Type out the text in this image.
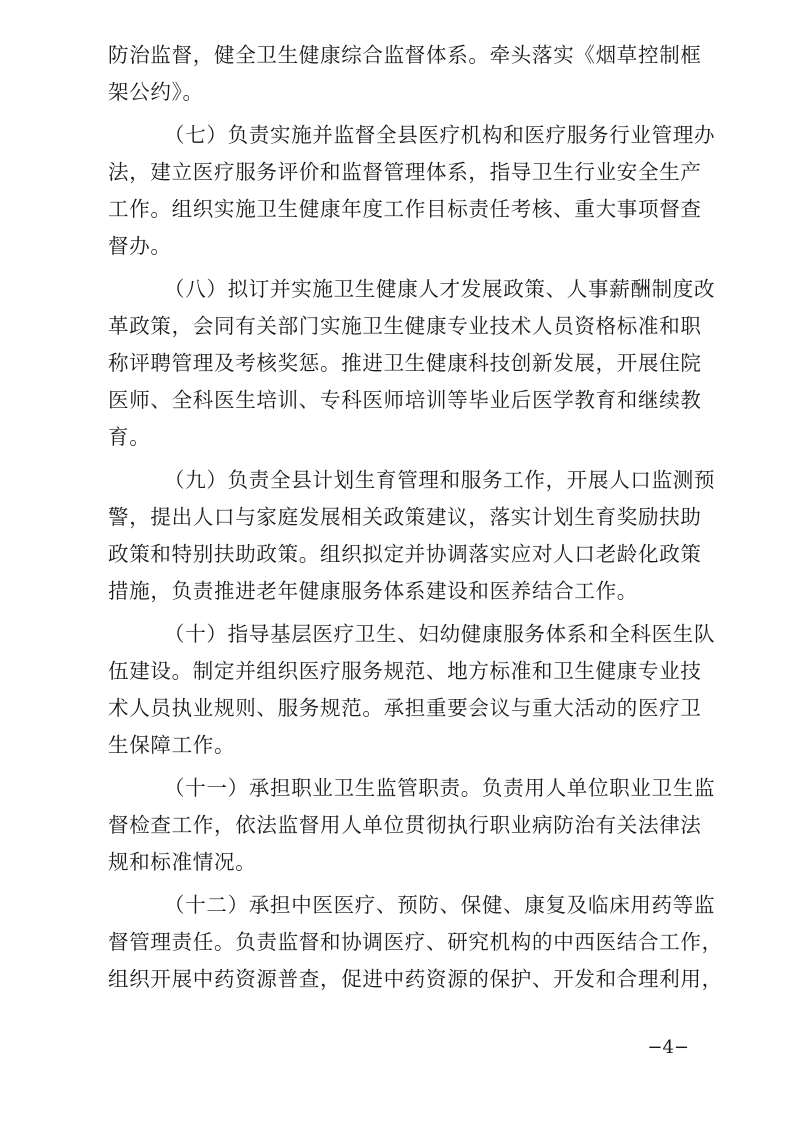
防治监督，健全卫生健康综合监督体系。牵头落实《烟草控制框
架公约》。
（七）负责实施并监督全县医疗机构和医疗服务行业管理办
法，建立医疗服务评价和监督管理体系，指导卫生行业安全生产
工作。组织实施卫生健康年度工作目标责任考核、重大事项督查
督办。
（八）拟订并实施卫生健康人才发展政策、人事薪酬制度改
革政策，会同有关部门实施卫生健康专业技术人员资格标准和职
称评聘管理及考核奖惩。推进卫生健康科技创新发展，开展住院
医师、全科医生培训、专科医师培训等毕业后医学教育和继续教
育。
（九）负责全县计划生育管理和服务工作，开展人口监测预
警，提出人口与家庭发展相关政策建议，落实计划生育奖励扶助
政策和特别扶助政策。组织拟定并协调落实应对人口老龄化政策
措施，负责推进老年健康服务体系建设和医养结合工作。
（十）指导基层医疗卫生、妇幼健康服务体系和全科医生队
伍建设。制定并组织医疗服务规范、地方标准和卫生健康专业技
术人员执业规则、服务规范。承担重要会议与重大活动的医疗卫
生保障工作。
（十一）承担职业卫生监管职责。负责用人单位职业卫生监
督检查工作，依法监督用人单位贯彻执行职业病防治有关法律法
规和标准情况。
（十二）承担中医医疗、预防、保健、康复及临床用药等监
督管理责任。负责监督和协调医疗、研究机构的中西医结合工作，
组织开展中药资源普查，促进中药资源的保护、开发和合理利用，
−4−
